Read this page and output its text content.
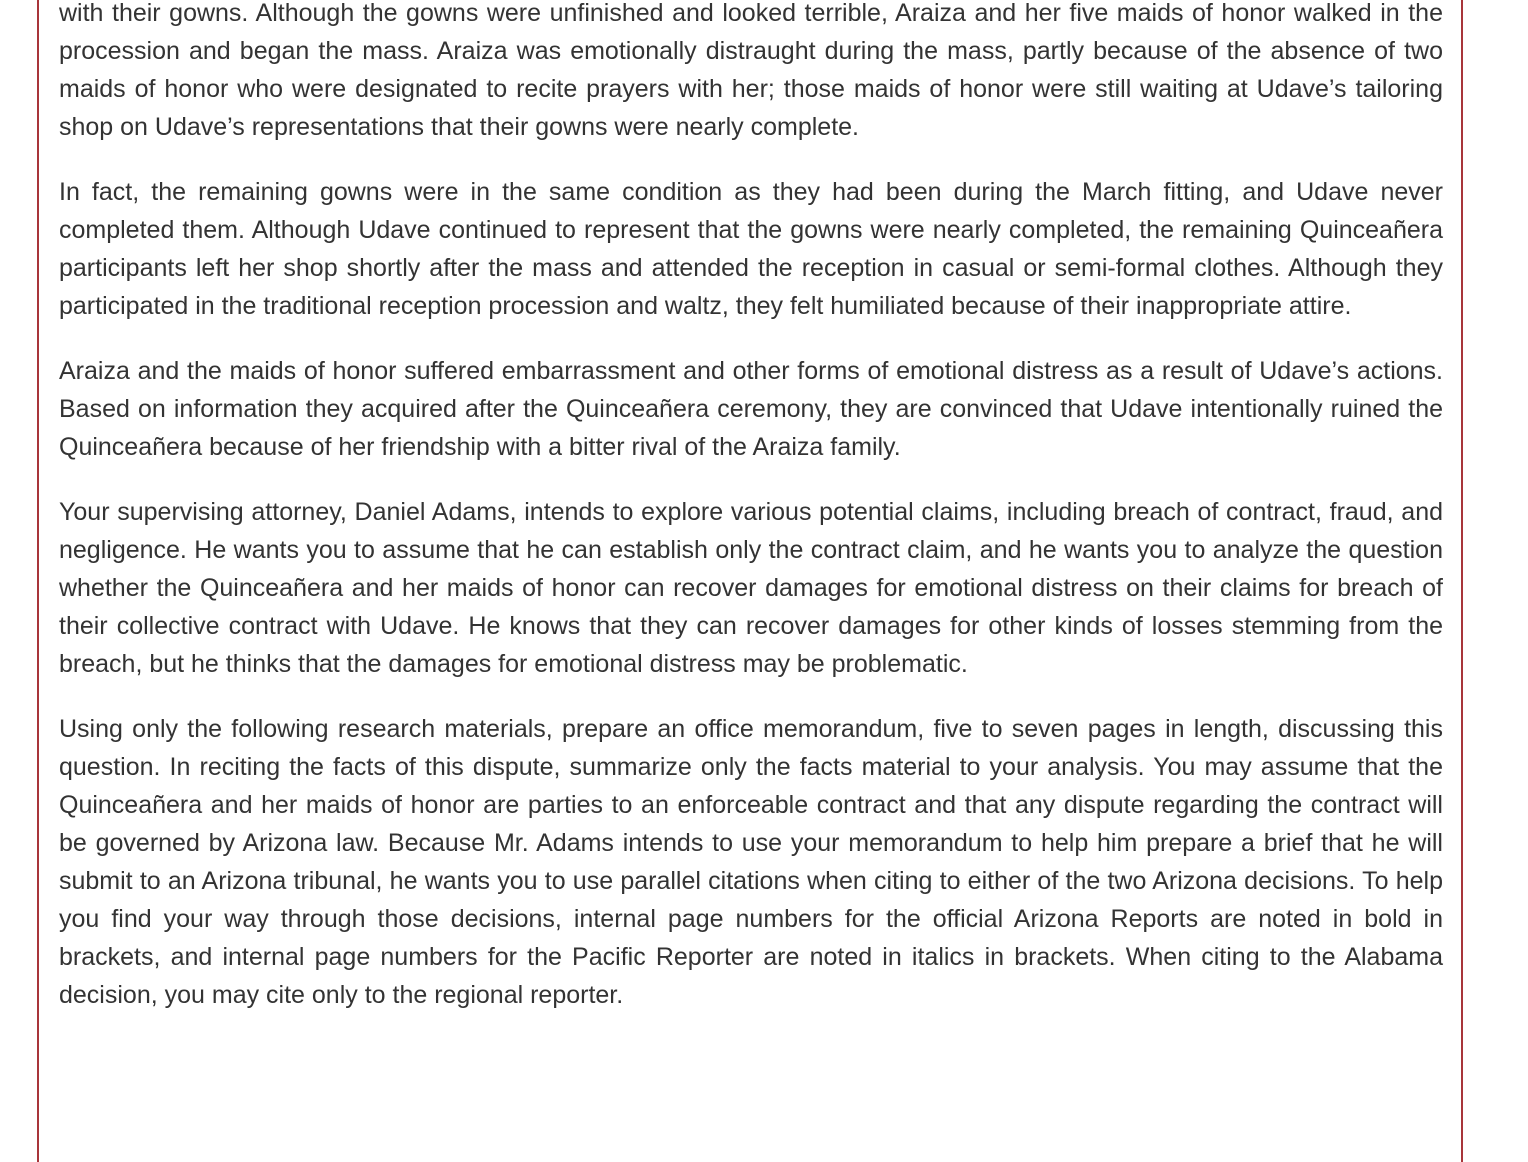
with their gowns. Although the gowns were unfinished and looked terrible, Araiza and her five maids of honor walked in the procession and began the mass. Araiza was emotionally distraught during the mass, partly because of the absence of two maids of honor who were designated to recite prayers with her; those maids of honor were still waiting at Udave’s tailoring shop on Udave’s representations that their gowns were nearly complete.

In fact, the remaining gowns were in the same condition as they had been during the March fitting, and Udave never completed them. Although Udave continued to represent that the gowns were nearly completed, the remaining Quinceañera participants left her shop shortly after the mass and attended the reception in casual or semi-formal clothes. Although they participated in the traditional reception procession and waltz, they felt humiliated because of their inappropriate attire.

Araiza and the maids of honor suffered embarrassment and other forms of emotional distress as a result of Udave’s actions. Based on information they acquired after the Quinceañera ceremony, they are convinced that Udave intentionally ruined the Quinceañera because of her friendship with a bitter rival of the Araiza family.

Your supervising attorney, Daniel Adams, intends to explore various potential claims, including breach of contract, fraud, and negligence. He wants you to assume that he can establish only the contract claim, and he wants you to analyze the question whether the Quinceañera and her maids of honor can recover damages for emotional distress on their claims for breach of their collective contract with Udave. He knows that they can recover damages for other kinds of losses stemming from the breach, but he thinks that the damages for emotional distress may be problematic.

Using only the following research materials, prepare an office memorandum, five to seven pages in length, discussing this question. In reciting the facts of this dispute, summarize only the facts material to your analysis. You may assume that the Quinceañera and her maids of honor are parties to an enforceable contract and that any dispute regarding the contract will be governed by Arizona law. Because Mr. Adams intends to use your memorandum to help him prepare a brief that he will submit to an Arizona tribunal, he wants you to use parallel citations when citing to either of the two Arizona decisions. To help you find your way through those decisions, internal page numbers for the official Arizona Reports are noted in bold in brackets, and internal page numbers for the Pacific Reporter are noted in italics in brackets. When citing to the Alabama decision, you may cite only to the regional reporter.
